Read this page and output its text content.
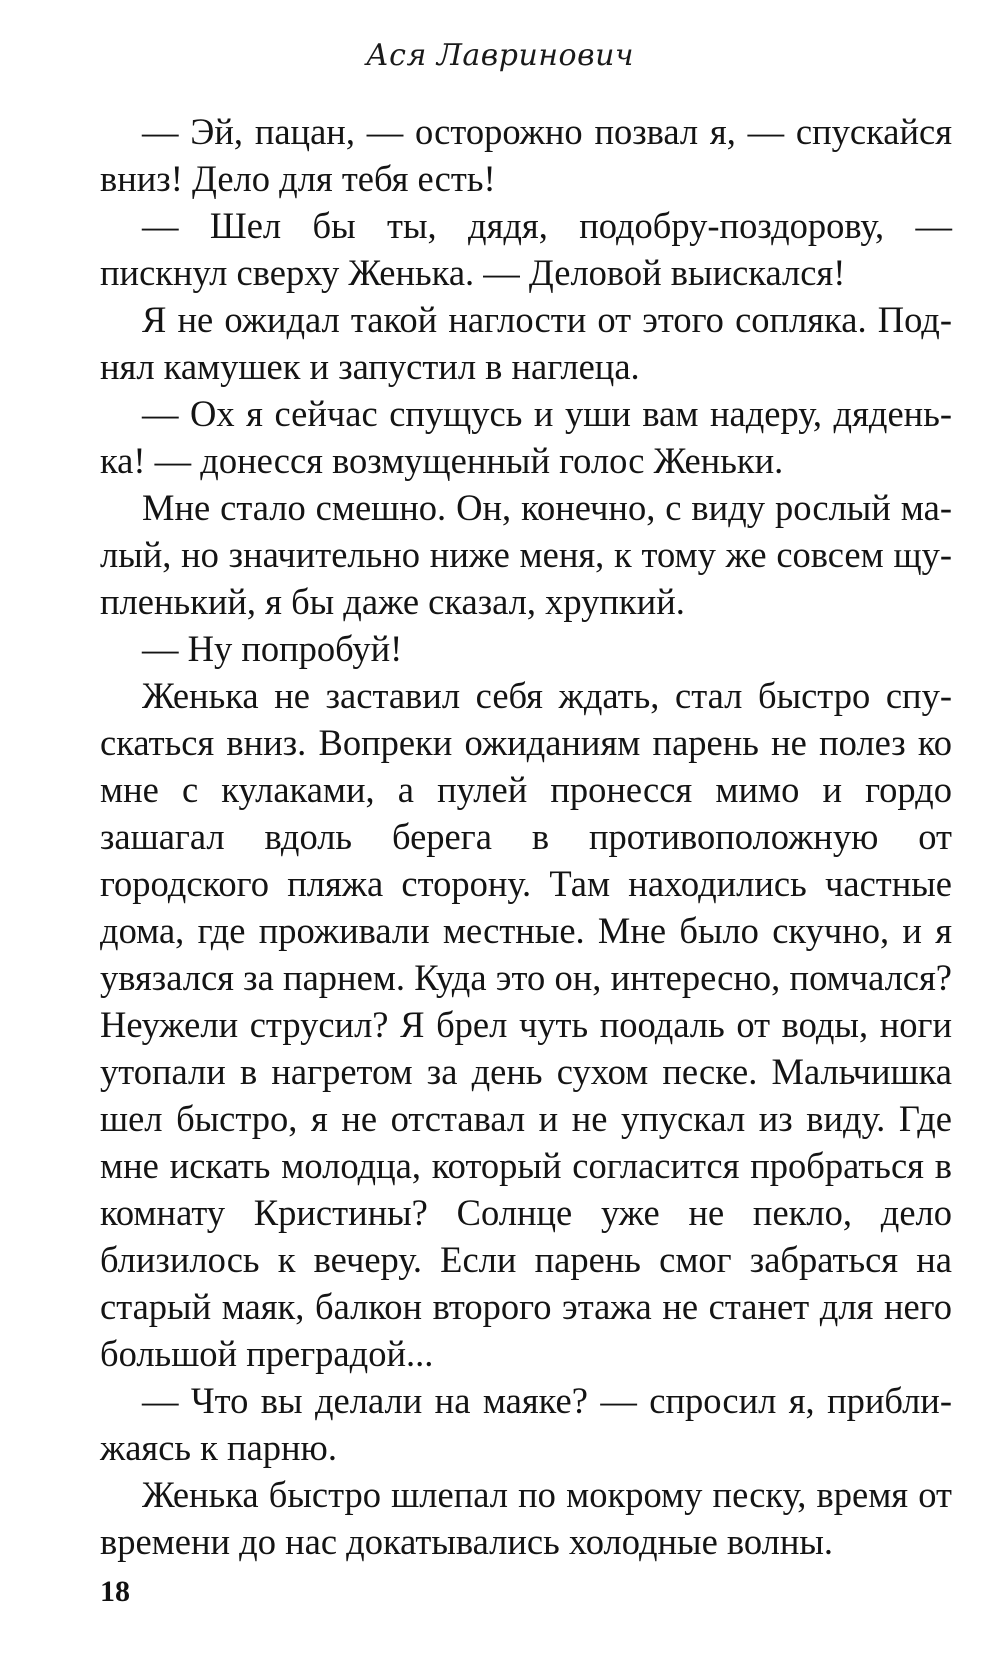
Ася Лавринович

— Эй, пацан, — осторожно позвал я, — спускайся вниз! Дело для тебя есть!

— Шел бы ты, дядя, подобру-поздорову, — пискнул сверху Женька. — Деловой выискался!

Я не ожидал такой наглости от этого сопляка. Поднял камушек и запустил в наглеца.

— Ох я сейчас спущусь и уши вам надеру, дяденька! — донесся возмущенный голос Женьки.

Мне стало смешно. Он, конечно, с виду рослый малый, но значительно ниже меня, к тому же совсем щупленький, я бы даже сказал, хрупкий.

— Ну попробуй!

Женька не заставил себя ждать, стал быстро спускаться вниз. Вопреки ожиданиям парень не полез ко мне с кулаками, а пулей пронесся мимо и гордо зашагал вдоль берега в противоположную от городского пляжа сторону. Там находились частные дома, где проживали местные. Мне было скучно, и я увязался за парнем. Куда это он, интересно, помчался? Неужели струсил? Я брел чуть поодаль от воды, ноги утопали в нагретом за день сухом песке. Мальчишка шел быстро, я не отставал и не упускал из виду. Где мне искать молодца, который согласится пробраться в комнату Кристины? Солнце уже не пекло, дело близилось к вечеру. Если парень смог забраться на старый маяк, балкон второго этажа не станет для него большой преградой...

— Что вы делали на маяке? — спросил я, приближаясь к парню.

Женька быстро шлепал по мокрому песку, время от времени до нас докатывались холодные волны.

18
